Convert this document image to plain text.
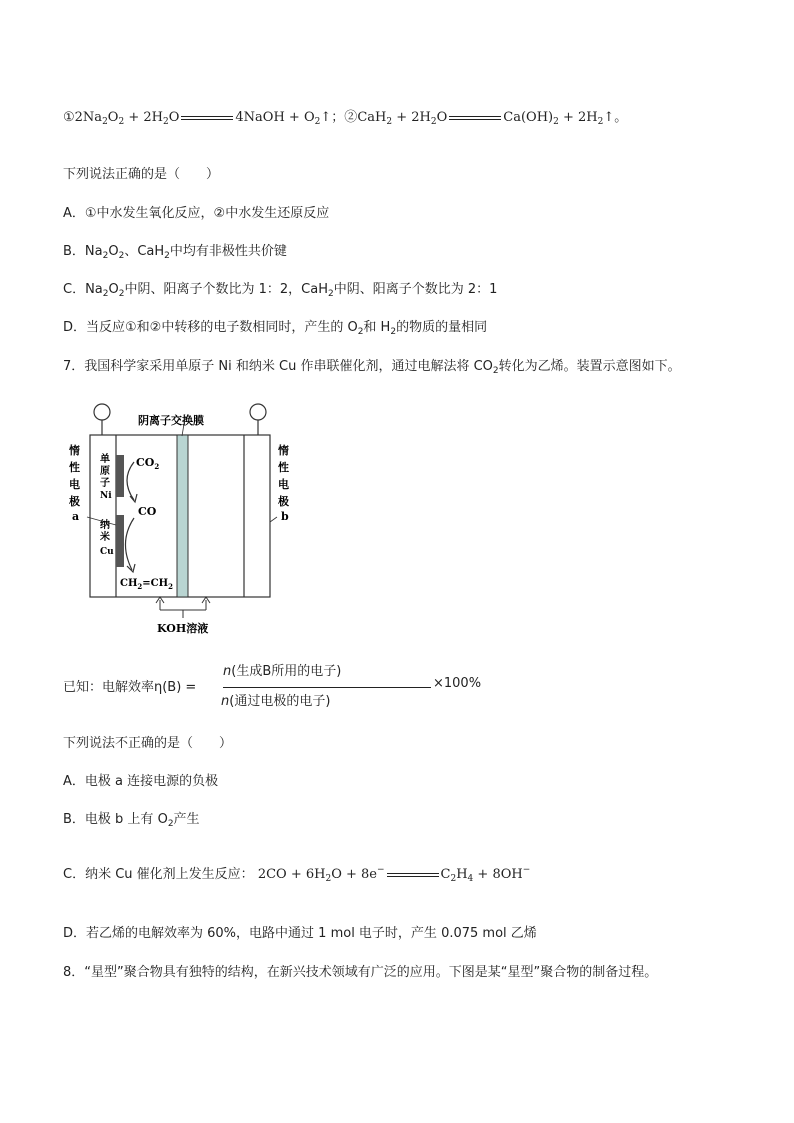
$①2Na_2O_2 + 2H_2O$	4NaOH + $O_2↑$；②CaH$_2$ + $2H_2O$	$Ca(OH)_2$ + $2H_2↑$。
下列说法正确的是（　　）
A．①中水发生氧化反应，②中水发生还原反应
B．$Na_2O_2$、CaH$_2$中均有非极性共价键
C．$Na_2O_2$中阴、阳离子个数比为 1：2，CaH$_2$中阴、阳离子个数比为 2：1
D．当反应①和②中转移的电子数相同时，产生的 $O_2$和 $H_2$的物质的量相同
7．我国科学家采用单原子 Ni 和纳米 Cu 作串联催化剂，通过电解法将 $CO_2$转化为乙烯。装置示意图如下。
阴离子交换膜
惰
性
电
极
a
惰
性
电
极
b
单
原
子
Ni
纳
米
Cu
$CO_2$
CO
$CH_2=CH_2$
KOH溶液
已知：电解效率η(B) =
n(生成B所用的电子)
n(通过电极的电子)
×100%
下列说法不正确的是（　　）
A．电极 a 连接电源的负极
B．电极 b 上有 $O_2$产生
C．纳米 Cu 催化剂上发生反应： $2CO + 6H_2O + 8e^-$	$C_2H_4 + 8OH^-$
D．若乙烯的电解效率为 60%，电路中通过 1 mol 电子时，产生 0.075 mol 乙烯
8．“星型”聚合物具有独特的结构，在新兴技术领域有广泛的应用。下图是某“星型”聚合物的制备过程。
